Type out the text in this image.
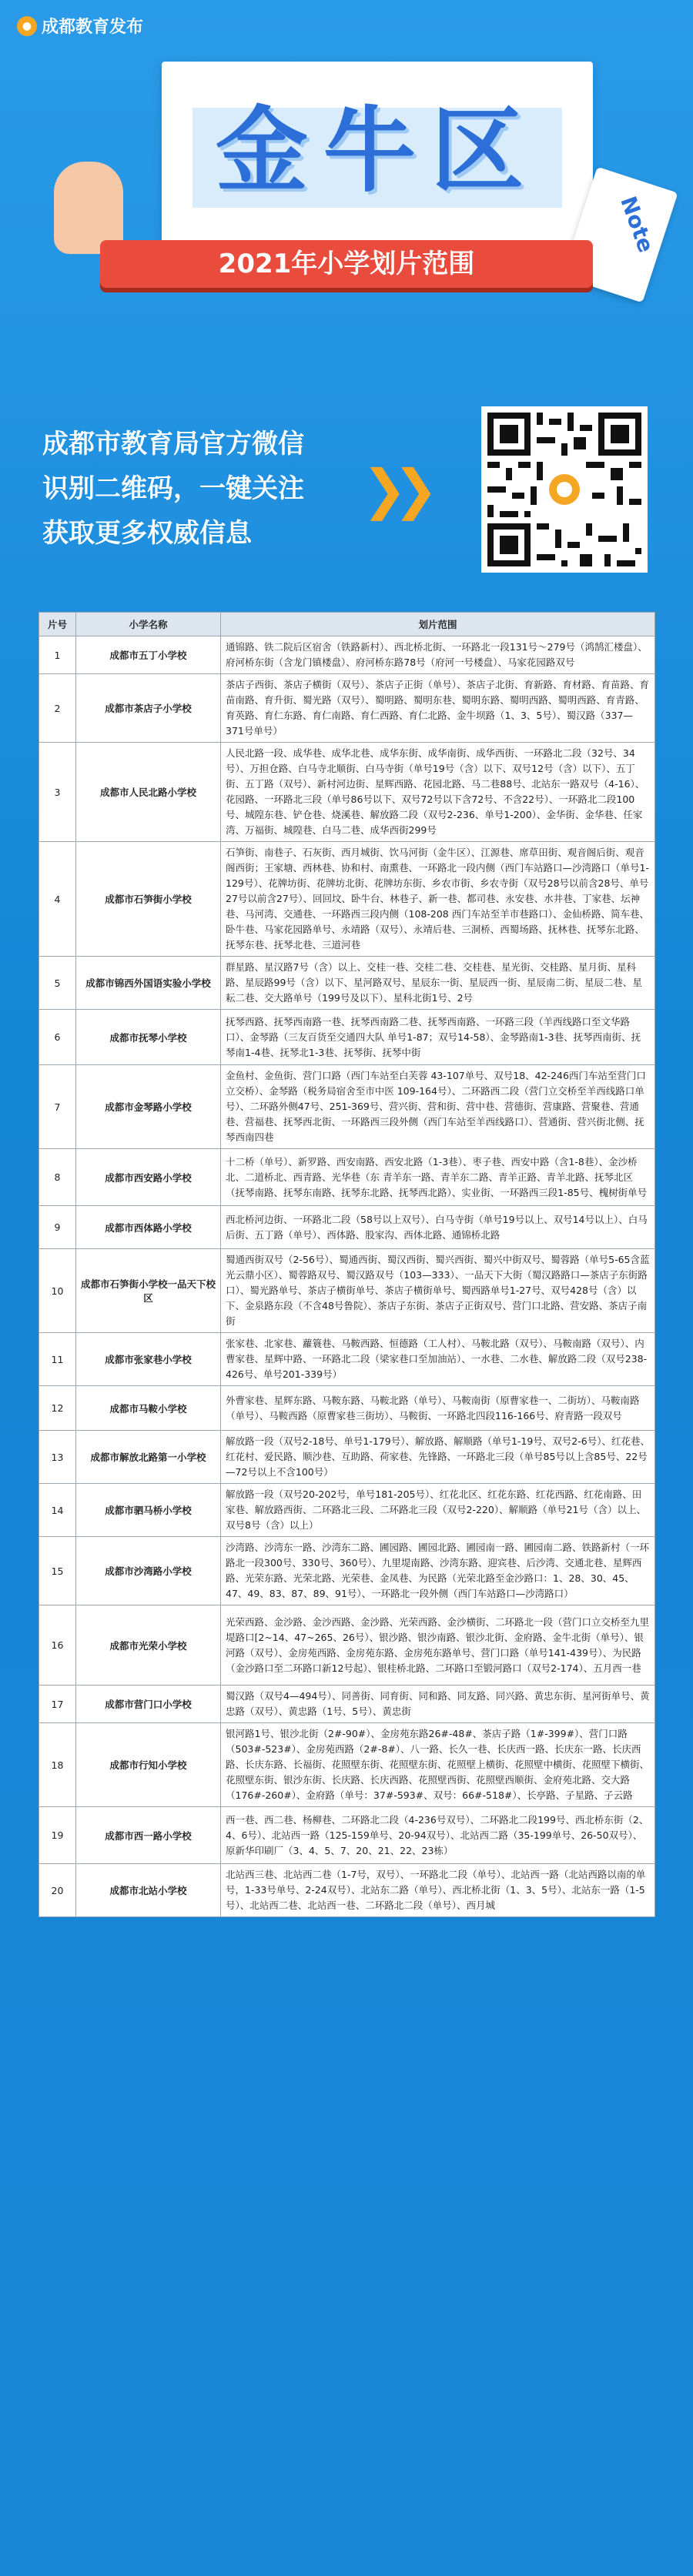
● 成都教育发布
金牛区
Note
2021年小学划片范围
成都市教育局官方微信
识别二维码，一键关注
获取更多权威信息
❯❯
片号	小学名称	划片范围
1	成都市五丁小学校	通锦路、铁二院后区宿舍（铁路新村）、西北桥北街、一环路北一段131号～279号（鸿鹄汇楼盘）、府河桥东街（含龙门镇楼盘）、府河桥东路78号（府河一号楼盘）、马家花园路双号
2	成都市茶店子小学校	茶店子西街、茶店子横街（双号）、茶店子正街（单号）、茶店子北街、育新路、育材路、育苗路、育苗南路、育升街、蜀光路（双号）、蜀明路、蜀明东巷、蜀明东路、蜀明西路、蜀明西路、育青路、育英路、育仁东路、育仁南路、育仁西路、育仁北路、金牛坝路（1、3、5号）、蜀汉路（337—371号单号）
3	成都市人民北路小学校	人民北路一段、成华巷、成华北巷、成华东街、成华南街、成华西街、一环路北二段（32号、34号）、万担仓路、白马寺北顺街、白马寺街（单号19号（含）以下、双号12号（含）以下）、五丁街、五丁路（双号）、新村河边街、星辉西路、花园北路、马二巷88号、北站东一路双号（4-16）、花园路、一环路北三段（单号86号以下、双号72号以下含72号、不含22号）、一环路北二段100号、城隍东巷、铲仓巷、烧溪巷、解放路二段（双号2-236、单号1-200）、金华街、金华巷、任家湾、万福街、城隍巷、白马二巷、成华西街299号
4	成都市石笋街小学校	石笋街、南巷子、石灰街、西月城街、饮马河街（金牛区）、江源巷、席草田街、观音阁后街、观音阁西街；王家塘、西林巷、协和村、南熏巷、一环路北一段内侧（西门车站路口—沙湾路口（单号1-129号）、花牌坊街、花牌坊北街、花牌坊东街、乡农市街、乡农寺街（双号28号以前含28号、单号27号以前含27号）、回回坟、卧牛台、林巷子、新一巷、都司巷、永安巷、水井巷、丁家巷、坛神巷、马河湾、交通巷、一环路西三段内侧（108-208 西门车站至羊市巷路口）、金仙桥路、简车巷、卧牛巷、马家花园路单号、永靖路（双号）、永靖后巷、三洞桥、西蜀场路、抚林巷、抚琴东北路、抚琴东巷、抚琴北巷、三道河巷
5	成都市锦西外国语实验小学校	群星路、星汉路7号（含）以上、交桂一巷、交桂二巷、交桂巷、星光街、交桂路、星月街、星科路、星辰路99号（含）以下、星河路双号、星辰东一街、星辰西一街、星辰南二街、星辰二巷、星耘二巷、交大路单号（199号及以下）、星科北街1号、2号
6	成都市抚琴小学校	抚琴西路、抚琴西南路一巷、抚琴西南路二巷、抚琴西南路、一环路三段（羊西线路口至文华路口）、金琴路（三友百货至交通四大队 单号1-87；双号14-58）、金琴路南1-3巷、抚琴西南街、抚琴南1-4巷、抚琴北1-3巷、抚琴街、抚琴中街
7	成都市金琴路小学校	金鱼村、金鱼街、营门口路（西门车站至白芙蓉 43-107单号、双号18、42-246西门车站至营门口立交桥）、金琴路（税务局宿舍至市中医 109-164号）、二环路西二段（营门立交桥至羊西线路口单号）、二环路外侧47号、251-369号、营兴街、营和街、营中巷、营德街、营康路、营聚巷、营通巷、营福巷、抚琴西北街、一环路西三段外侧（西门车站至羊西线路口）、营通街、营兴街北侧、抚琴西南四巷
8	成都市西安路小学校	十二桥（单号）、新罗路、西安南路、西安北路（1-3巷）、枣子巷、西安中路（含1-8巷）、金沙桥北、二道桥北、西青路、光华巷（东 青羊东一路、青羊东二路、青羊正路、青羊北路、抚琴北区（抚琴南路、抚琴东南路、抚琴东北路、抚琴西北路）、实业街、一环路西三段1-85号、槐树街单号
9	成都市西体路小学校	西北桥河边街、一环路北二段（58号以上双号）、白马寺街（单号19号以上、双号14号以上）、白马后街、五丁路（单号）、西体路、股家沟、西体北路、通锦桥北路
10	成都市石笋街小学校一品天下校区	蜀通西街双号（2-56号）、蜀通西街、蜀汉西街、蜀兴西街、蜀兴中街双号、蜀蓉路（单号5-65含蓝光云鼎小区）、蜀蓉路双号、蜀汉路双号（103—333）、一品天下大街（蜀汉路路口—茶店子东街路口）、蜀光路单号、茶店子横街单号、茶店子横街单号、蜀西路单号1-27号、双号428号（含）以下、金泉路东段（不含48号鲁院）、茶店子东街、茶店子正街双号、营门口北路、营安路、茶店子南街
11	成都市张家巷小学校	张家巷、北家巷、蘿簑巷、马鞍西路、恒德路（工人村）、马鞍北路（双号）、马鞍南路（双号）、内曹家巷、星辉中路、一环路北二段（梁家巷口至加油站）、一水巷、二水巷、解放路二段（双号238-426号、单号201-339号）
12	成都市马鞍小学校	外曹家巷、星辉东路、马鞍东路、马鞍北路（单号）、马鞍南街（原曹家巷一、二街坊）、马鞍南路（单号）、马鞍西路（原曹家巷三街坊）、马鞍街、一环路北四段116-166号、府青路一段双号
13	成都市解放北路第一小学校	解放路一段（双号2-18号、单号1-179号）、解放路、解顺路（单号1-19号、双号2-6号）、红花巷、红花村、爱民路、顺沙巷、互助路、荷家巷、先锋路、一环路北三段（单号85号以上含85号、22号—72号以上不含100号）
14	成都市驷马桥小学校	解放路一段（双号20-202号，单号181-205号）、红花北区、红花东路、红花西路、红花南路、田家巷、解放路西街、二环路北三段、二环路北三段（双号2-220）、解顺路（单号21号（含）以上、双号8号（含）以上）
15	成都市沙湾路小学校	沙湾路、沙湾东一路、沙湾东二路、圃园路、圃园北路、圃园南一路、圃园南二路、铁路新村（一环路北一段300号、330号、360号）、九里堤南路、沙湾东路、迎宾巷、后沙湾、交通北巷、星辉西路、光荣东路、光荣北路、光荣巷、金凤巷、为民路（光荣北路至金沙路口：1、28、30、45、47、49、83、87、89、91号）、一环路北一段外侧（西门车站路口—沙湾路口）
16	成都市光荣小学校	光荣西路、金沙路、金沙西路、金沙路、光荣西路、金沙横街、二环路北一段（营门口立交桥至九里堤路口[2~14、47~265、26号）、银沙路、银沙南路、银沙北街、金府路、金牛北街（单号）、银河路（双号）、金房苑西路、金房苑东路、金房苑东路单号、营门口路（单号141-439号）、为民路（金沙路口至二环路口新12号起）、银桂桥北路、二环路口至锻河路口（双号2-174）、五月西一巷
17	成都市营门口小学校	蜀汉路（双号4—494号）、同善街、同育街、同和路、同友路、同兴路、黄忠东街、星河街单号、黄忠路（双号）、黄忠路（1号、5号）、黄忠街
18	成都市行知小学校	银河路1号、银沙北街（2#-90#）、金房苑东路26#-48#、茶店子路（1#-399#）、营门口路（503#-523#）、金房苑西路（2#-8#）、八一路、长久一巷、长庆西一路、长庆东一路、长庆西路、长庆东路、长福街、花照壁东街、花照壁东街、花照壁上横街、花照壁中横街、花照壁下横街、花照壁东街、银沙东街、长庆路、长庆西路、花照壁西街、花照壁西顺街、金府苑北路、交大路（176#-260#）、金府路（单号：37#-593#、双号：66#-518#）、长亭路、子星路、子云路
19	成都市西一路小学校	西一巷、西二巷、杨柳巷、二环路北二段（4-236号双号）、二环路北二段199号、西北桥东街（2、4、6号）、北站西一路（125-159单号、20-94双号）、北站西二路（35-199单号、26-50双号）、原新华印刷厂（3、4、5、7、20、21、22、23栋）
20	成都市北站小学校	北站西三巷、北站西二巷（1-7号，双号）、一环路北二段（单号）、北站西一路（北站西路以南的单号，1-33号单号、2-24双号）、北站东二路（单号）、西北桥北街（1、3、5号）、北站东一路（1-5号）、北站西二巷、北站西一巷、二环路北二段（单号）、西月城
